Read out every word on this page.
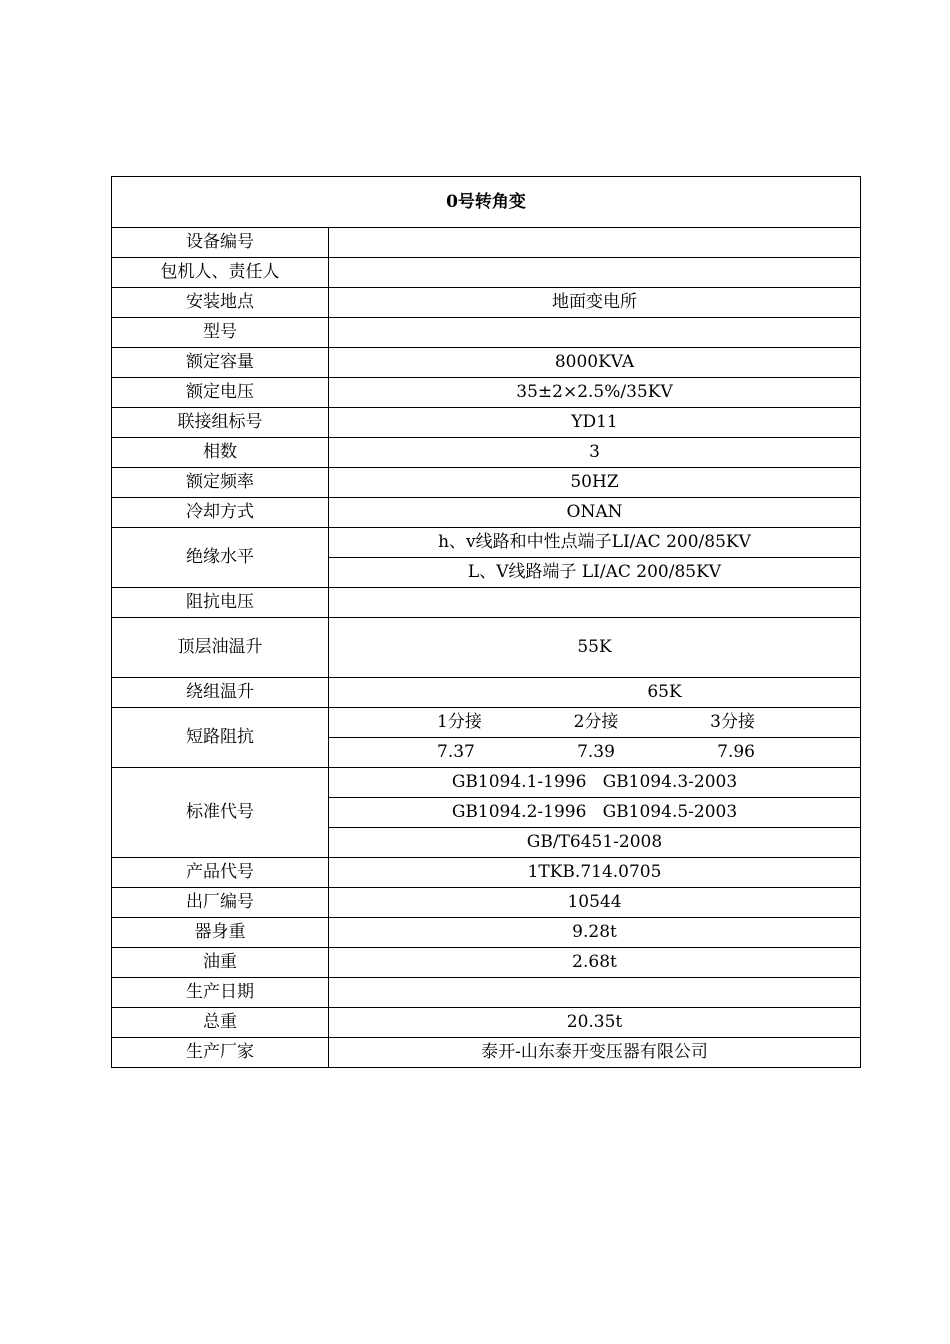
0号转角变	
设备编号	
包机人、责任人	
安装地点	地面变电所
型号	
额定容量	8000KVA
额定电压	35±2×2.5%/35KV
联接组标号	YD11
相数	3
额定频率	50HZ
冷却方式	ONAN
绝缘水平	h、v线路和中性点端子LI/AC 200/85KV
	L、V线路端子 LI/AC 200/85KV
阻抗电压	
顶层油温升	55K
绕组温升	65K
短路阻抗	1分接 2分接 3分接

	7.37 7.39 7.96

标准代号	GB1094.1-1996   GB1094.3-2003
	GB1094.2-1996   GB1094.5-2003
	GB/T6451-2008
产品代号	1TKB.714.0705
出厂编号	10544
器身重	9.28t
油重	2.68t
生产日期	
总重	20.35t
生产厂家	泰开-山东泰开变压器有限公司
